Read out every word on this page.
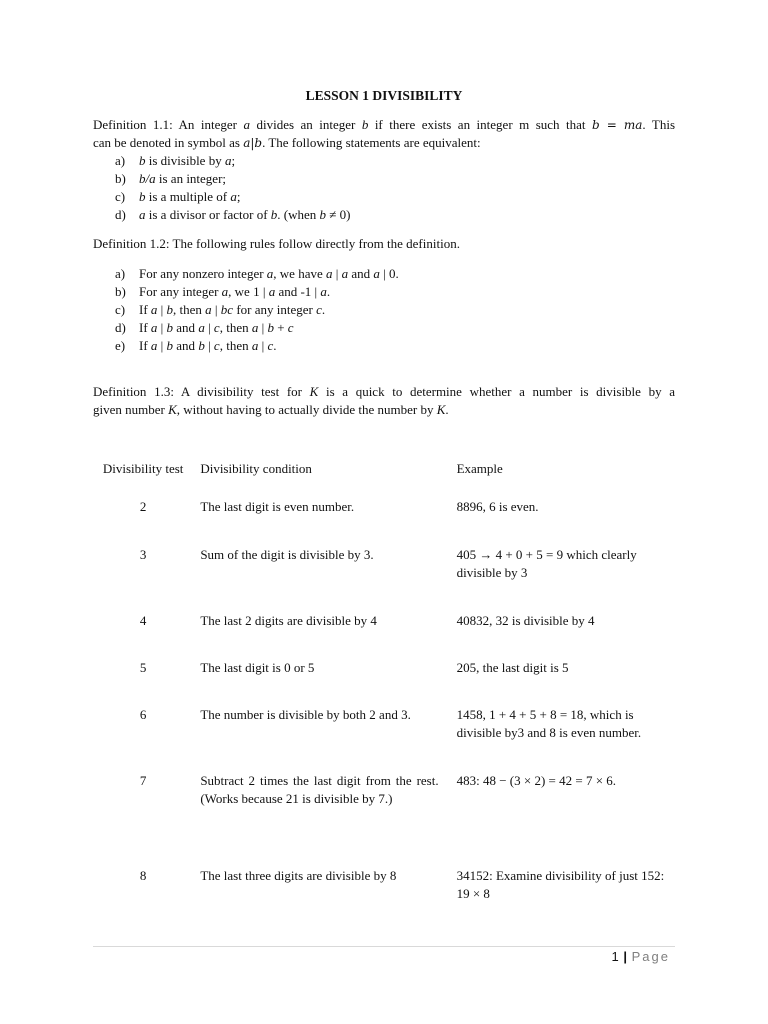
LESSON 1 DIVISIBILITY
Definition 1.1: An integer a divides an integer b if there exists an integer m such that b = ma. This
can be denoted in symbol as a|b. The following statements are equivalent:
a)	b is divisible by a;
b)	b/a is an integer;
c)	b is a multiple of a;
d)	a is a divisor or factor of b. (when b ≠ 0)
Definition 1.2: The following rules follow directly from the definition.
a)	For any nonzero integer a, we have a | a and a | 0.
b)	For any integer a, we 1 | a and -1 | a.
c)	If a | b, then a | bc for any integer c.
d)	If a | b and a | c, then a | b + c
e)	If a | b and b | c, then a | c.
Definition 1.3: A divisibility test for K is a quick to determine whether a number is divisible by a
given number K, without having to actually divide the number by K.
Divisibility test	Divisibility condition	Example
2	The last digit is even number.	8896, 6 is even.
3	Sum of the digit is divisible by 3.	405 → 4 + 0 + 5 = 9 which clearly divisible by 3
4	The last 2 digits are divisible by 4	40832, 32 is divisible by 4
5	The last digit is 0 or 5	205, the last digit is 5
6	The number is divisible by both 2 and 3.	1458, 1 + 4 + 5 + 8 = 18, which is divisible by3 and 8 is even number.
7	Subtract 2 times the last digit from the rest. (Works because 21 is divisible by 7.)	483: 48 − (3 × 2) = 42 = 7 × 6.
8	The last three digits are divisible by 8	34152: Examine divisibility of just 152: 19 × 8
1 | Page
